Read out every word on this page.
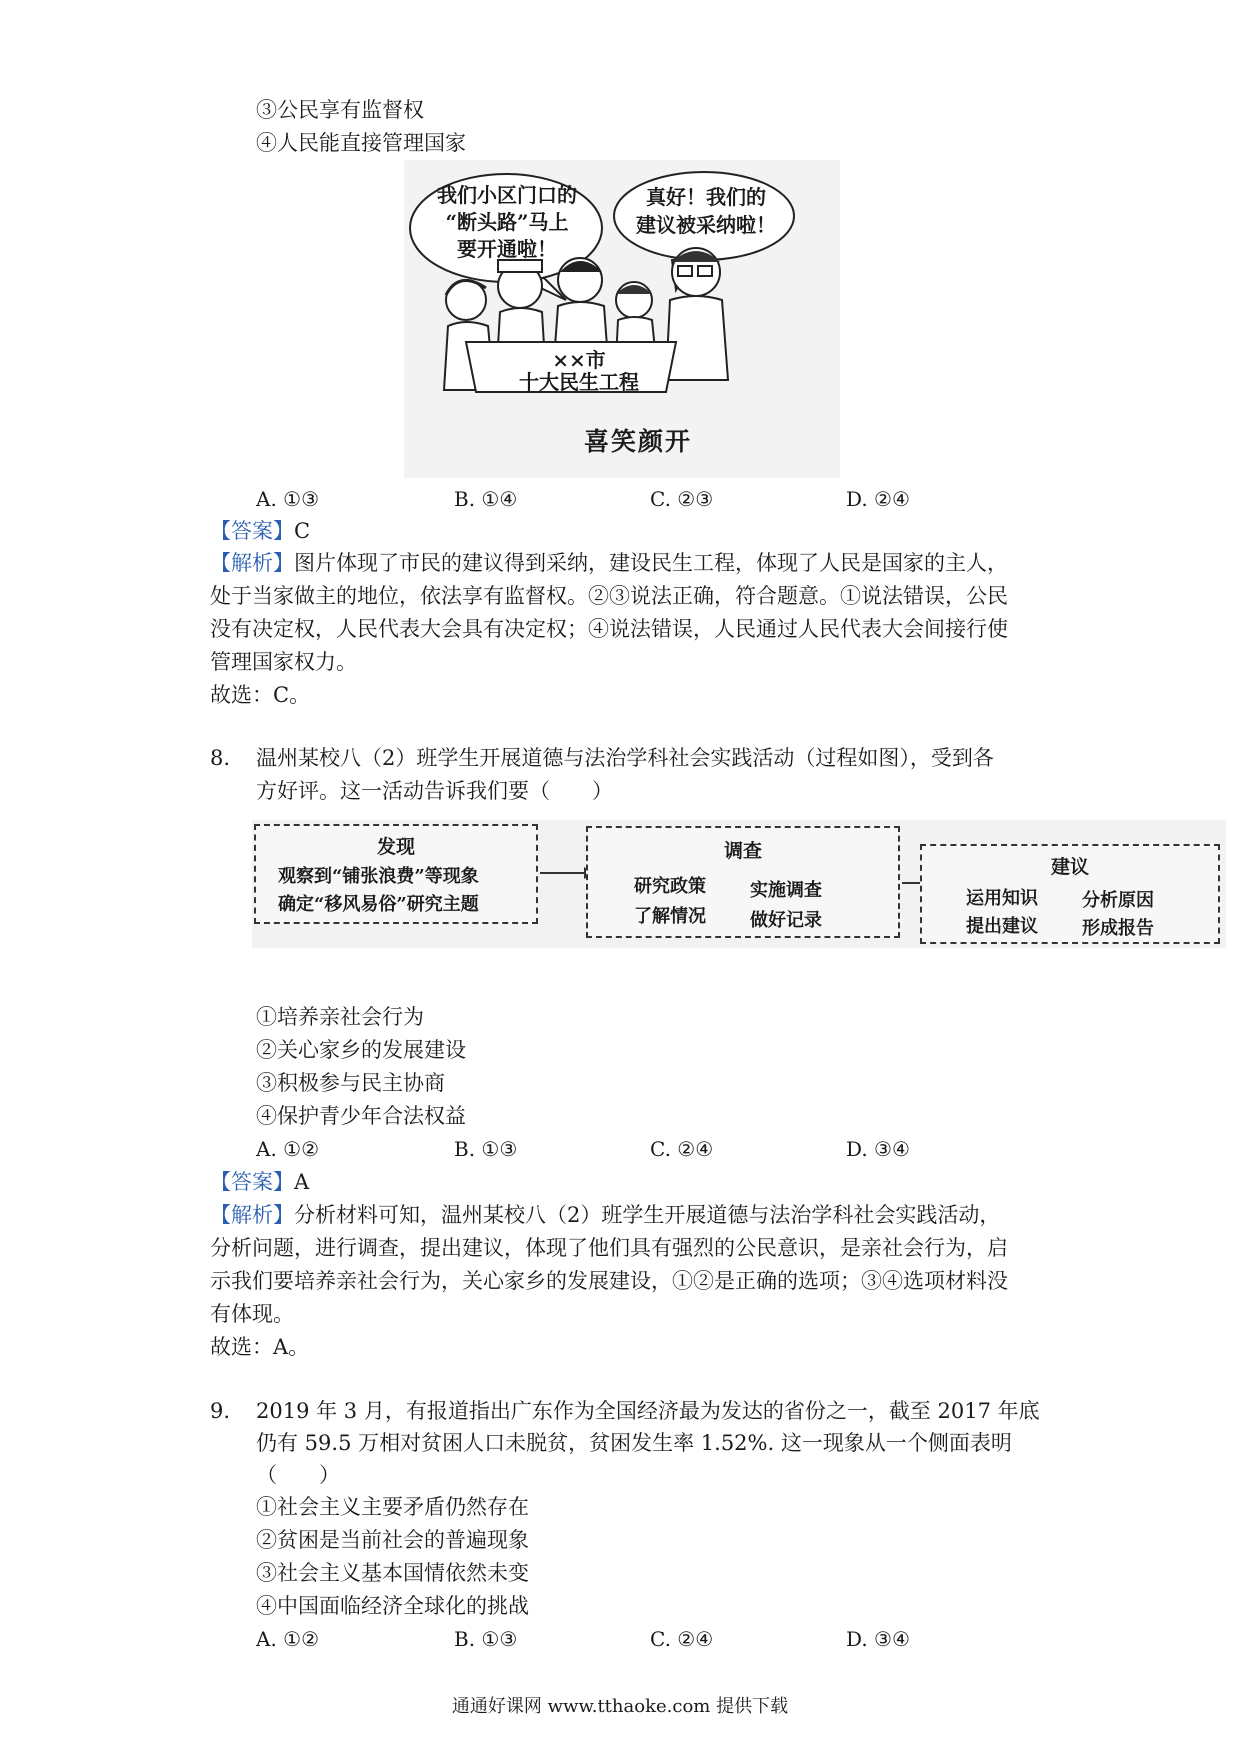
③公民享有监督权
④人民能直接管理国家
我们小区门口的
“断头路”马上
要开通啦！
真好！我们的
建议被采纳啦！
××市
十大民生工程
喜笑颜开
A. ①③	B. ①④	C. ②③	D. ②④
【答案】C
【解析】图片体现了市民的建议得到采纳，建设民生工程，体现了人民是国家的主人，
处于当家做主的地位，依法享有监督权。②③说法正确，符合题意。①说法错误，公民
没有决定权，人民代表大会具有决定权；④说法错误，人民通过人民代表大会间接行使
管理国家权力。
故选：C。
8. 温州某校八（2）班学生开展道德与法治学科社会实践活动（过程如图），受到各
方好评。这一活动告诉我们要（　　）
发现
观察到“铺张浪费”等现象
确定“移风易俗”研究主题
调查
研究政策 实施调查
了解情况 做好记录
建议
运用知识 分析原因
提出建议 形成报告
①培养亲社会行为
②关心家乡的发展建设
③积极参与民主协商
④保护青少年合法权益
A. ①②	B. ①③	C. ②④	D. ③④
【答案】A
【解析】分析材料可知，温州某校八（2）班学生开展道德与法治学科社会实践活动，
分析问题，进行调查，提出建议，体现了他们具有强烈的公民意识，是亲社会行为，启
示我们要培养亲社会行为，关心家乡的发展建设，①②是正确的选项；③④选项材料没
有体现。
故选：A。
9. 2019 年 3 月，有报道指出广东作为全国经济最为发达的省份之一，截至 2017 年底
仍有 59.5 万相对贫困人口未脱贫，贫困发生率 1.52%. 这一现象从一个侧面表明
（　　）
①社会主义主要矛盾仍然存在
②贫困是当前社会的普遍现象
③社会主义基本国情依然未变
④中国面临经济全球化的挑战
A. ①②	B. ①③	C. ②④	D. ③④
通通好课网 www.tthaoke.com 提供下载
